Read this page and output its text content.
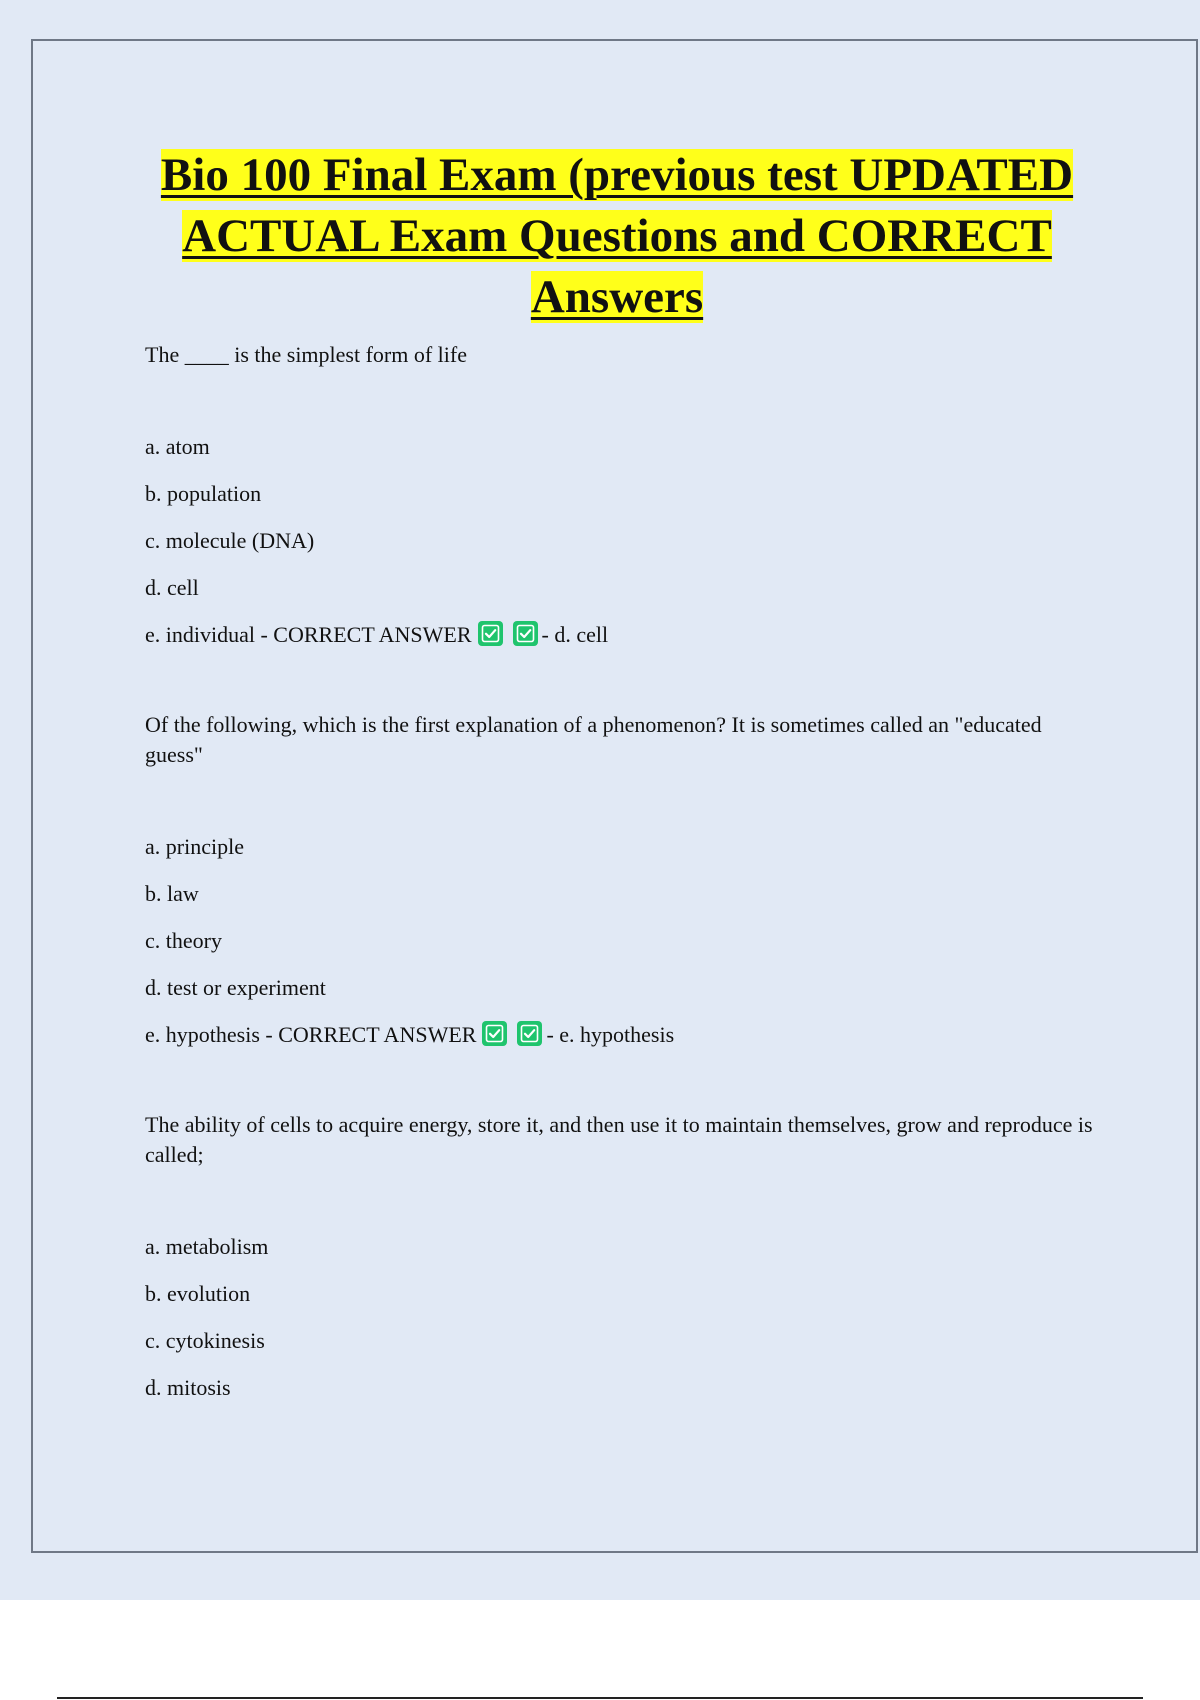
Bio 100 Final Exam (previous test UPDATED ACTUAL Exam Questions and CORRECT Answers

The ____ is the simplest form of life

a. atom

b. population

c. molecule (DNA)

d. cell

e. individual - CORRECT ANSWER	- d. cell

Of the following, which is the first explanation of a phenomenon? It is sometimes called an "educated guess"

a. principle

b. law

c. theory

d. test or experiment

e. hypothesis - CORRECT ANSWER	- e. hypothesis

The ability of cells to acquire energy, store it, and then use it to maintain themselves, grow and reproduce is called;

a. metabolism

b. evolution

c. cytokinesis

d. mitosis
